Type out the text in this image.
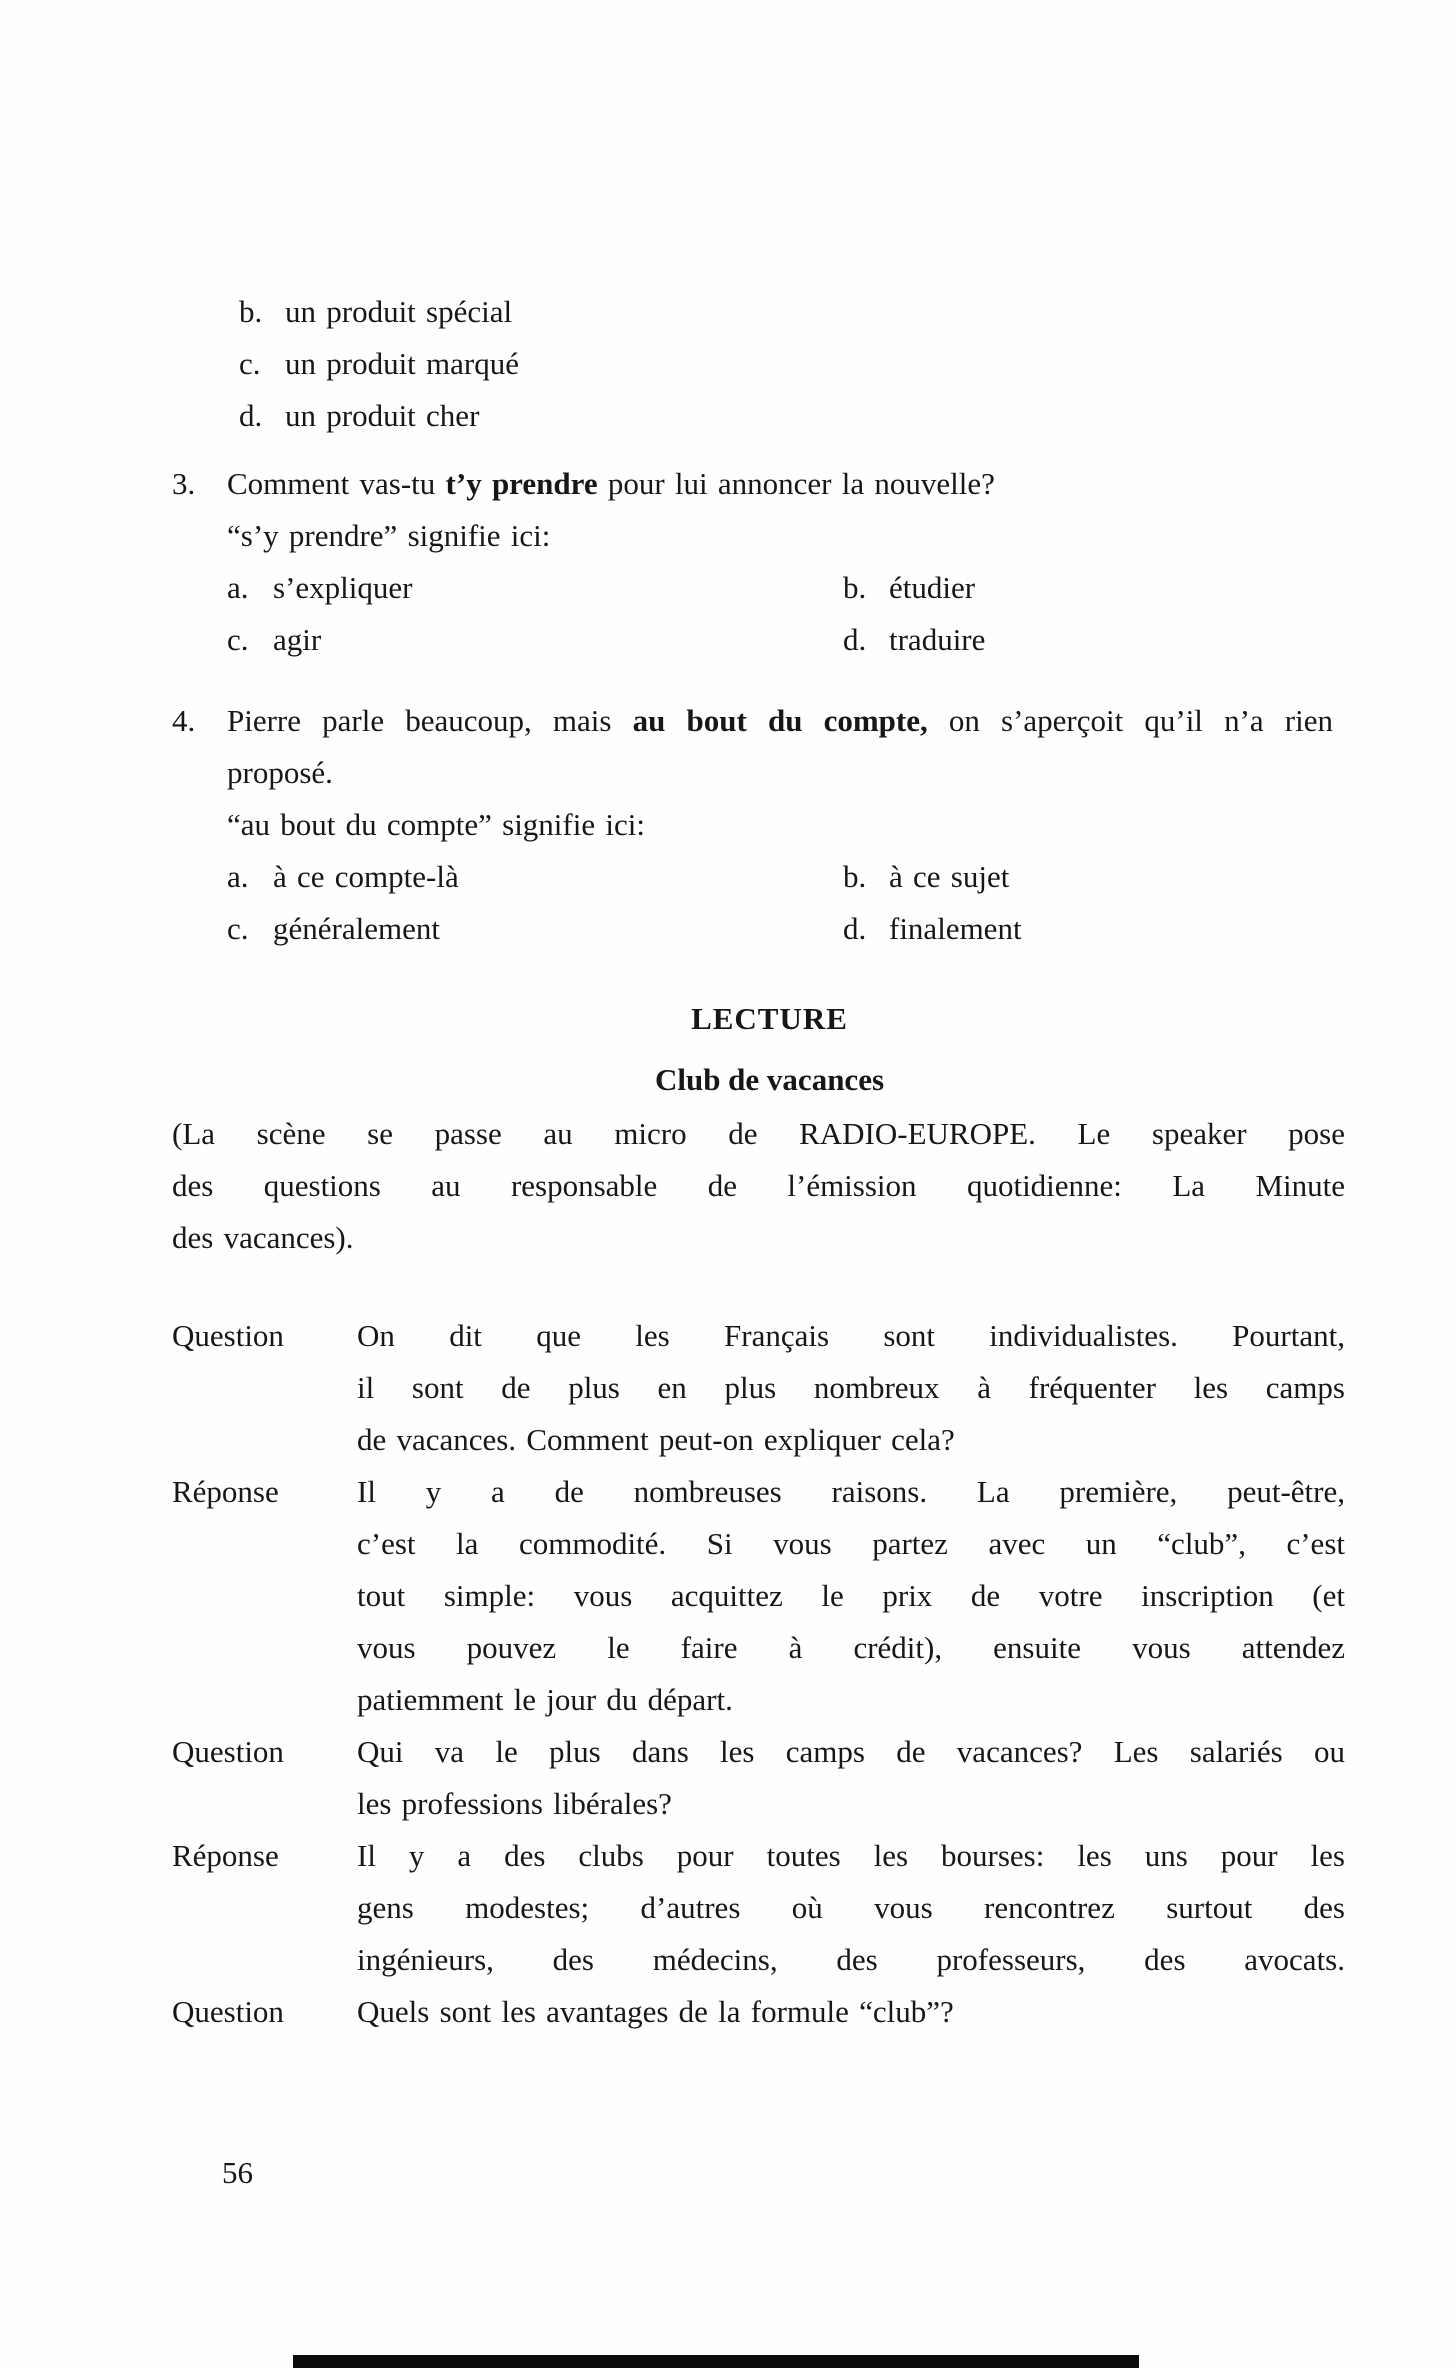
b. un produit spécial
c. un produit marqué
d. un produit cher
3.	Comment vas-tu t’y prendre pour lui annoncer la nouvelle?
“s’y prendre” signifie ici:
a. s’expliquer	b. étudier
c. agir	d. traduire
4.	Pierre parle beaucoup, mais au bout du compte, on s’aperçoit qu’il n’a rien
proposé.
“au bout du compte” signifie ici:
a. à ce compte-là	b. à ce sujet
c. généralement	d. finalement
LECTURE
Club de vacances
(La scène se passe au micro de RADIO-EUROPE. Le speaker pose
des questions au responsable de l’émission quotidienne: La Minute
des vacances).
Question	On dit que les Français sont individualistes. Pourtant,
il sont de plus en plus nombreux à fréquenter les camps
de vacances. Comment peut-on expliquer cela?
Réponse	Il y a de nombreuses raisons. La première, peut-être,
c’est la commodité. Si vous partez avec un “club”, c’est
tout simple: vous acquittez le prix de votre inscription (et
vous pouvez le faire à crédit), ensuite vous attendez
patiemment le jour du départ.
Question	Qui va le plus dans les camps de vacances? Les salariés ou
les professions libérales?
Réponse	Il y a des clubs pour toutes les bourses: les uns pour les
gens modestes; d’autres où vous rencontrez surtout des
ingénieurs, des médecins, des professeurs, des avocats.
Question	Quels sont les avantages de la formule “club”?
56
